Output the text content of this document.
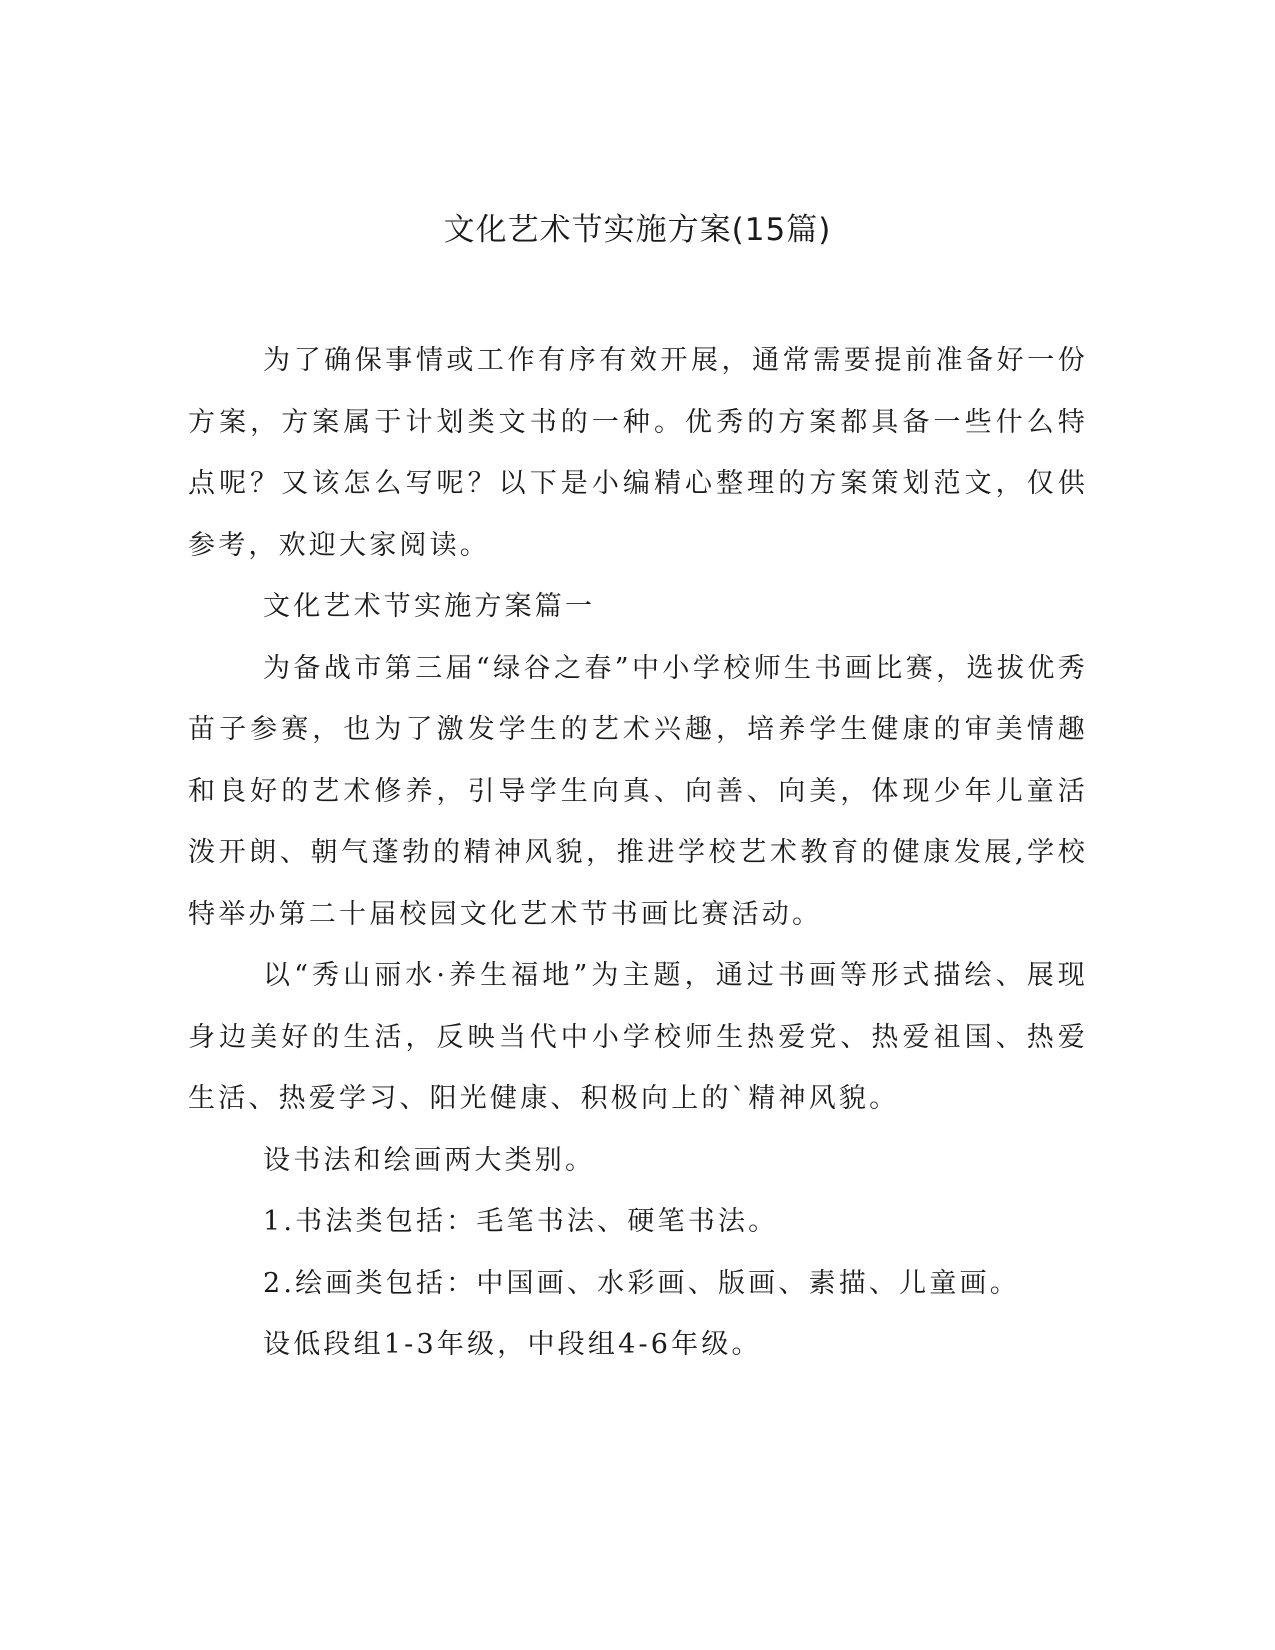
文化艺术节实施方案(15篇)

为了确保事情或工作有序有效开展，通常需要提前准备好一份方案，方案属于计划类文书的一种。优秀的方案都具备一些什么特点呢？又该怎么写呢？以下是小编精心整理的方案策划范文，仅供参考，欢迎大家阅读。

文化艺术节实施方案篇一

为备战市第三届“绿谷之春”中小学校师生书画比赛，选拔优秀苗子参赛，也为了激发学生的艺术兴趣，培养学生健康的审美情趣和良好的艺术修养，引导学生向真、向善、向美，体现少年儿童活泼开朗、朝气蓬勃的精神风貌，推进学校艺术教育的健康发展,学校特举办第二十届校园文化艺术节书画比赛活动。

以“秀山丽水·养生福地”为主题，通过书画等形式描绘、展现身边美好的生活，反映当代中小学校师生热爱党、热爱祖国、热爱生活、热爱学习、阳光健康、积极向上的`精神风貌。

设书法和绘画两大类别。

1.书法类包括：毛笔书法、硬笔书法。

2.绘画类包括：中国画、水彩画、版画、素描、儿童画。

设低段组1-3年级，中段组4-6年级。
